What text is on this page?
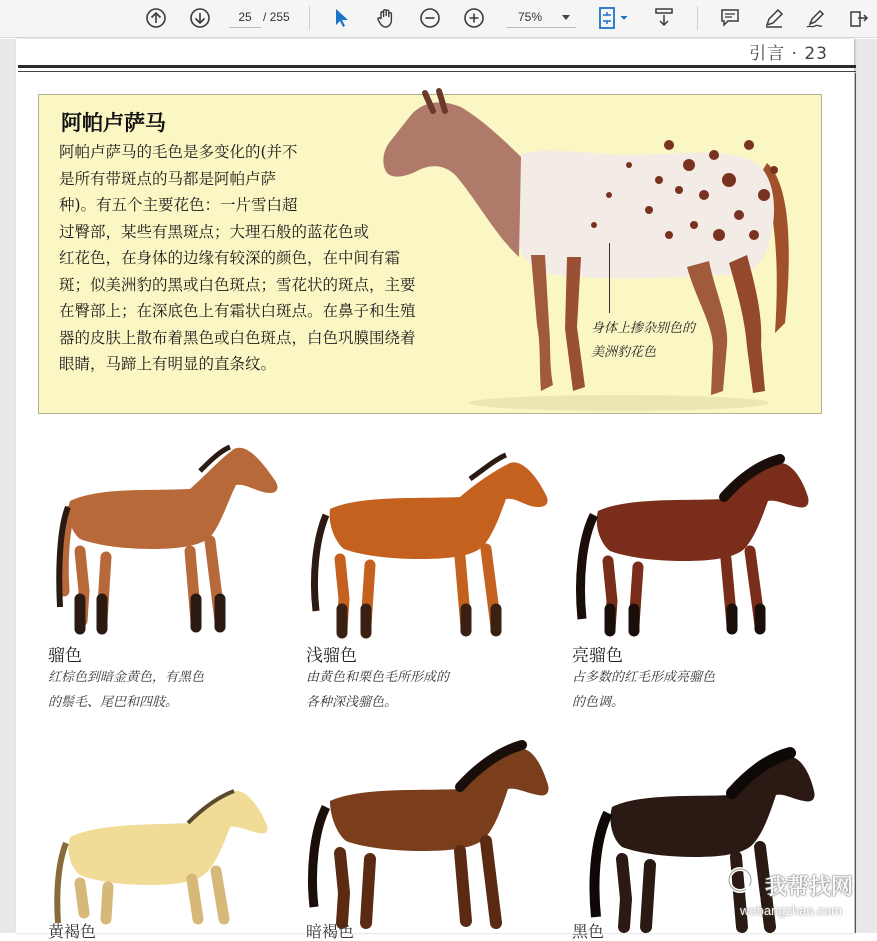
25 / 255	75%
引言 · 23
阿帕卢萨马
阿帕卢萨马的毛色是多变化的(并不
是所有带斑点的马都是阿帕卢萨
种)。有五个主要花色：一片雪白超
过臀部，某些有黑斑点；大理石般的蓝花色或
红花色，在身体的边缘有较深的颜色，在中间有霜
斑；似美洲豹的黑或白色斑点；雪花状的斑点，主要
在臀部上；在深底色上有霜状白斑点。在鼻子和生殖
器的皮肤上散布着黑色或白色斑点，白色巩膜围绕着
眼睛，马蹄上有明显的直条纹。
身体上掺杂别色的
美洲豹花色
骝色
红棕色到暗金黄色，有黑色
的鬃毛、尾巴和四肢。
浅骝色
由黄色和栗色毛所形成的
各种深浅骝色。
亮骝色
占多数的红毛形成亮骝色
的色调。
黄褐色	暗褐色	黑色
我帮找网
wobangzhao.com
